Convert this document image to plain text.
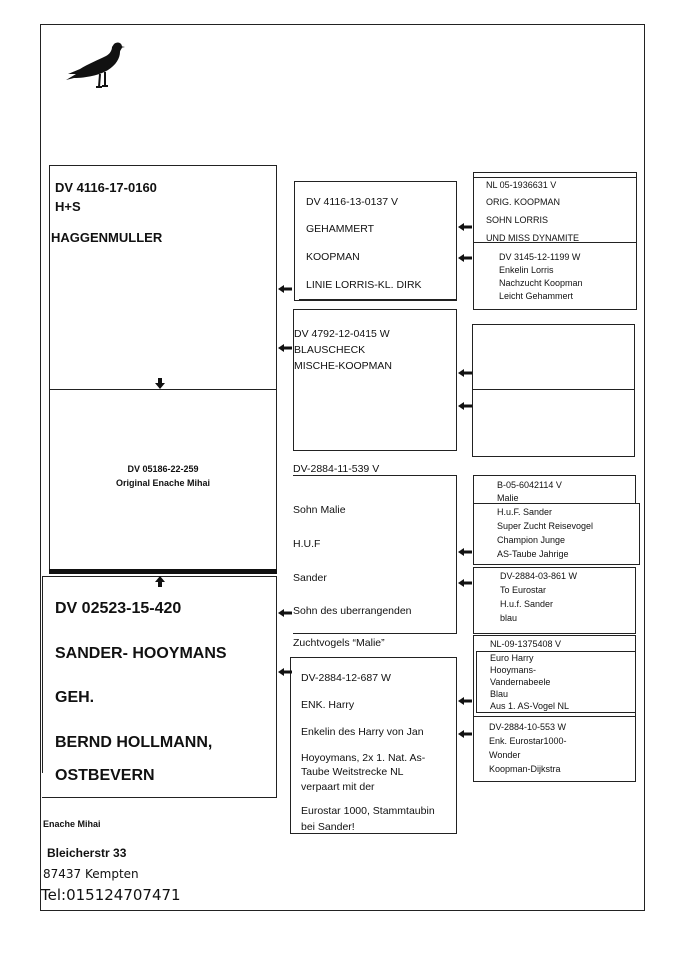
DV 4116-17-0160
H+S
HAGGENMULLER
DV 05186-22-259
Original Enache Mihai
DV 02523-15-420
SANDER- HOOYMANS
GEH.
BERND HOLLMANN,
OSTBEVERN
DV 4116-13-0137 V
GEHAMMERT
KOOPMAN
LINIE LORRIS-KL. DIRK
DV 4792-12-0415 W
BLAUSCHECK
MISCHE-KOOPMAN
DV-2884-11-539 V
Sohn Malie
H.U.F
Sander
Sohn des uberrangenden
Zuchtvogels “Malie”
DV-2884-12-687 W
ENK. Harry
Enkelin des Harry von Jan
Hoyoymans, 2x 1. Nat. As-
Taube Weitstrecke NL
verpaart mit der
Eurostar 1000, Stammtaubin
bei Sander!
NL 05-1936631 V
ORIG. KOOPMAN
SOHN LORRIS
UND MISS DYNAMITE
DV 3145-12-1199 W
Enkelin Lorris
Nachzucht Koopman
Leicht Gehammert
B-05-6042114 V
Malie
H.u.F. Sander
Super Zucht Reisevogel
Champion Junge
AS-Taube Jahrige
DV-2884-03-861 W
To Eurostar
H.u.f. Sander
blau
NL-09-1375408 V
Euro Harry
Hooymans-
Vandernabeele
Blau
Aus 1. AS-Vogel NL
DV-2884-10-553 W
Enk. Eurostar1000-
Wonder
Koopman-Dijkstra
Enache Mihai
Bleicherstr 33
87437 Kempten
Tel:015124707471
